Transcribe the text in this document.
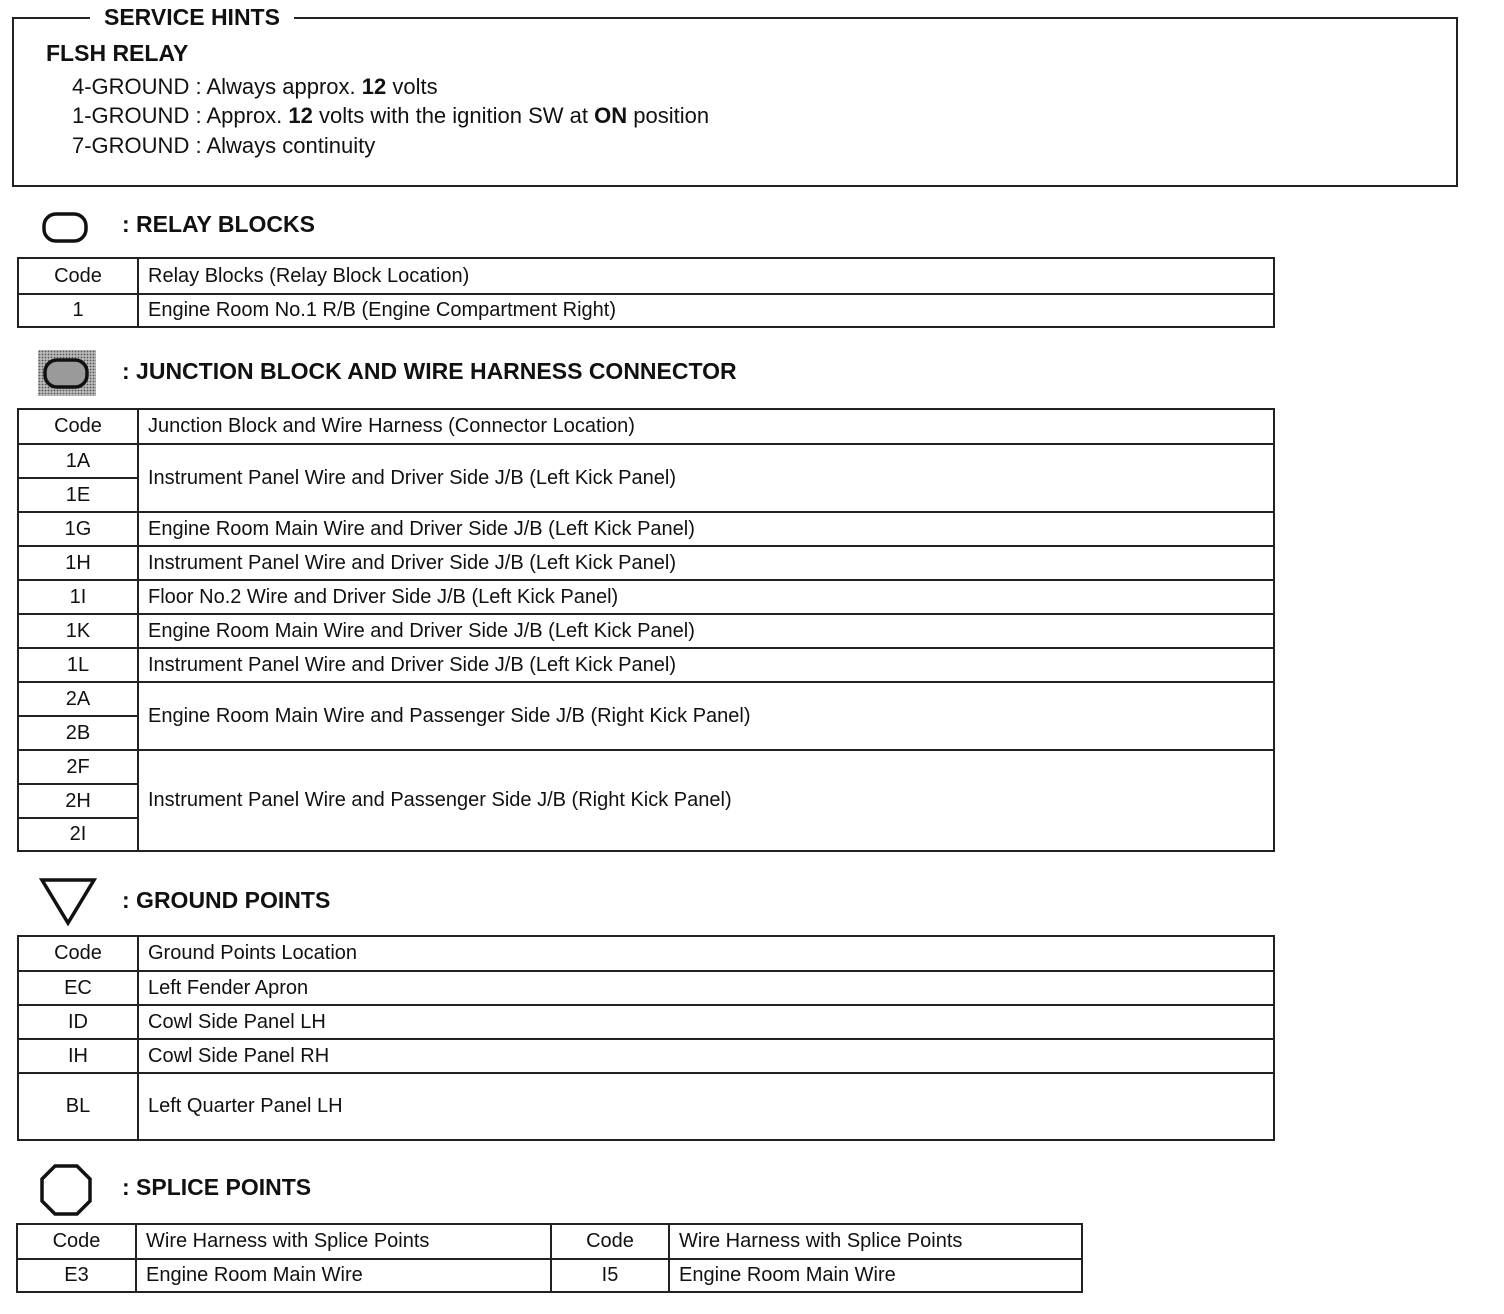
SERVICE HINTS
FLSH RELAY
4-GROUND : Always approx. 12 volts
1-GROUND : Approx. 12 volts with the ignition SW at ON position
7-GROUND : Always continuity
: RELAY BLOCKS
Code	Relay Blocks (Relay Block Location)
1	Engine Room No.1 R/B (Engine Compartment Right)
: JUNCTION BLOCK AND WIRE HARNESS CONNECTOR
Code	Junction Block and Wire Harness (Connector Location)
1A	Instrument Panel Wire and Driver Side J/B (Left Kick Panel)
1E	
1G	Engine Room Main Wire and Driver Side J/B (Left Kick Panel)
1H	Instrument Panel Wire and Driver Side J/B (Left Kick Panel)
1I	Floor No.2 Wire and Driver Side J/B (Left Kick Panel)
1K	Engine Room Main Wire and Driver Side J/B (Left Kick Panel)
1L	Instrument Panel Wire and Driver Side J/B (Left Kick Panel)
2A	Engine Room Main Wire and Passenger Side J/B (Right Kick Panel)
2B	
2F	Instrument Panel Wire and Passenger Side J/B (Right Kick Panel)
2H	
2I	
: GROUND POINTS
Code	Ground Points Location
EC	Left Fender Apron
ID	Cowl Side Panel LH
IH	Cowl Side Panel RH
BL	Left Quarter Panel LH
: SPLICE POINTS
Code	Wire Harness with Splice Points	Code	Wire Harness with Splice Points
E3	Engine Room Main Wire	I5	Engine Room Main Wire
